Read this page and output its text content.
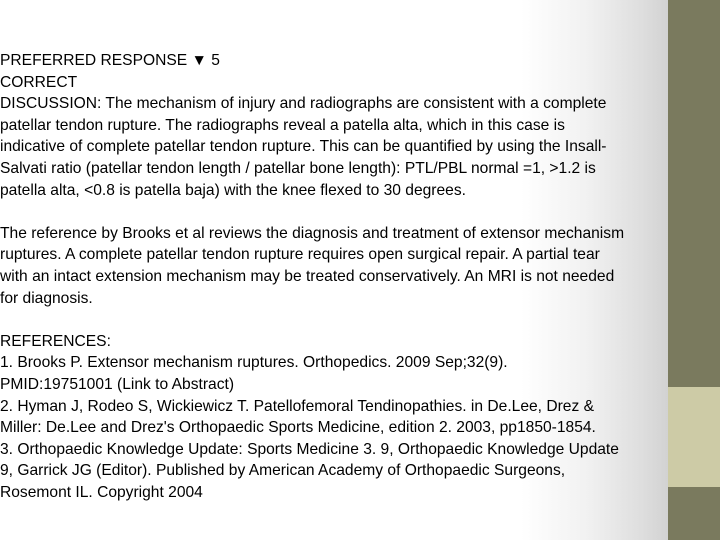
PREFERRED RESPONSE ▼ 5
CORRECT
DISCUSSION: The mechanism of injury and radiographs are consistent with a complete
patellar tendon rupture. The radiographs reveal a patella alta, which in this case is
indicative of complete patellar tendon rupture. This can be quantified by using the Insall-
Salvati ratio (patellar tendon length / patellar bone length): PTL/PBL normal =1, >1.2 is
patella alta, <0.8 is patella baja) with the knee flexed to 30 degrees.
The reference by Brooks et al reviews the diagnosis and treatment of extensor mechanism
ruptures. A complete patellar tendon rupture requires open surgical repair. A partial tear
with an intact extension mechanism may be treated conservatively. An MRI is not needed
for diagnosis.
REFERENCES:
1. Brooks P. Extensor mechanism ruptures. Orthopedics. 2009 Sep;32(9).
PMID:19751001 (Link to Abstract)
2. Hyman J, Rodeo S, Wickiewicz T. Patellofemoral Tendinopathies. in De.Lee, Drez &
Miller: De.Lee and Drez's Orthopaedic Sports Medicine, edition 2. 2003, pp1850-1854.
3. Orthopaedic Knowledge Update: Sports Medicine 3. 9, Orthopaedic Knowledge Update
9, Garrick JG (Editor). Published by American Academy of Orthopaedic Surgeons,
Rosemont IL. Copyright 2004
